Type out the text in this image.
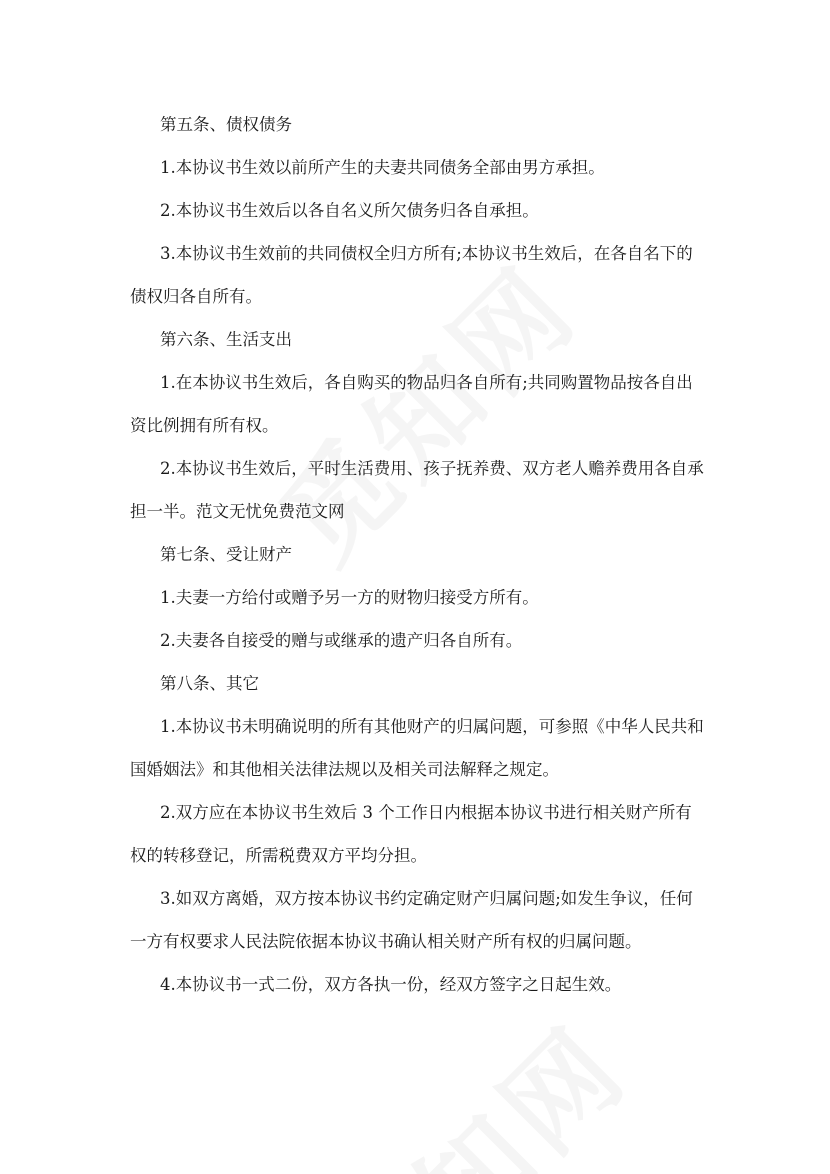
第五条、债权债务

1.本协议书生效以前所产生的夫妻共同债务全部由男方承担。

2.本协议书生效后以各自名义所欠债务归各自承担。

3.本协议书生效前的共同债权全归方所有;本协议书生效后，在各自名下的
债权归各自所有。

第六条、生活支出

1.在本协议书生效后，各自购买的物品归各自所有;共同购置物品按各自出
资比例拥有所有权。

2.本协议书生效后，平时生活费用、孩子抚养费、双方老人赡养费用各自承
担一半。范文无忧免费范文网

第七条、受让财产

1.夫妻一方给付或赠予另一方的财物归接受方所有。

2.夫妻各自接受的赠与或继承的遗产归各自所有。

第八条、其它

1.本协议书未明确说明的所有其他财产的归属问题，可参照《中华人民共和
国婚姻法》和其他相关法律法规以及相关司法解释之规定。

2.双方应在本协议书生效后 3 个工作日内根据本协议书进行相关财产所有
权的转移登记，所需税费双方平均分担。

3.如双方离婚，双方按本协议书约定确定财产归属问题;如发生争议，任何
一方有权要求人民法院依据本协议书确认相关财产所有权的归属问题。

4.本协议书一式二份，双方各执一份，经双方签字之日起生效。
